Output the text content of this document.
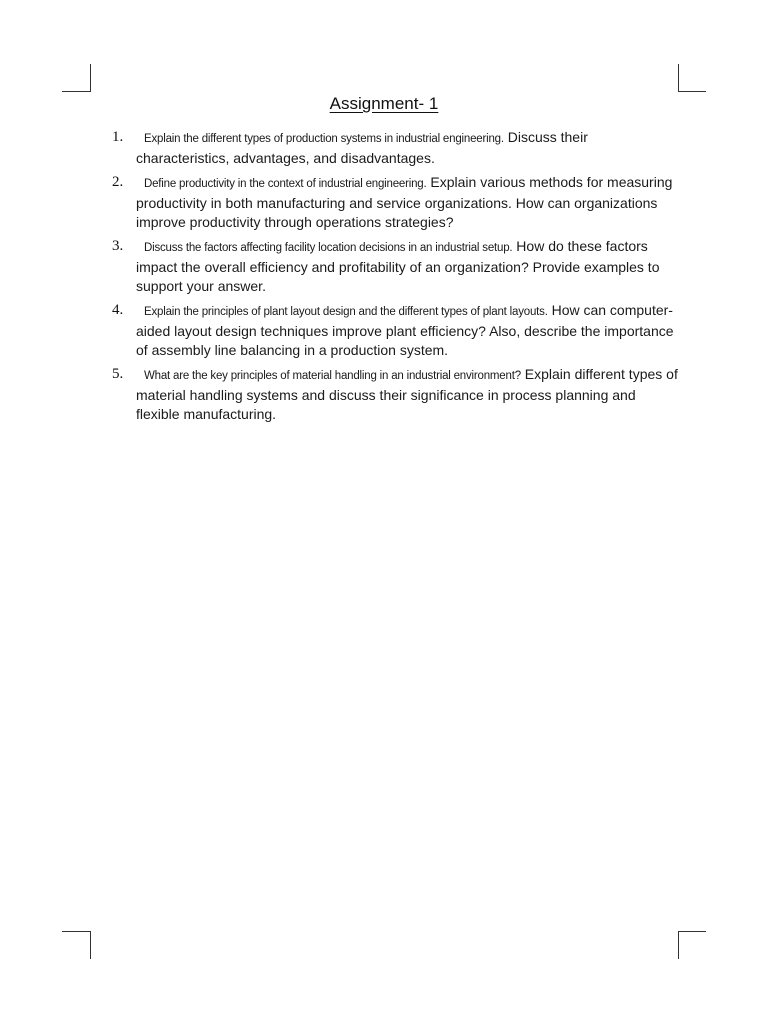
Assignment- 1
1.	Explain the different types of production systems in industrial engineering. Discuss their characteristics, advantages, and disadvantages.
2.	Define productivity in the context of industrial engineering. Explain various methods for measuring productivity in both manufacturing and service organizations. How can organizations improve productivity through operations strategies?
3.	Discuss the factors affecting facility location decisions in an industrial setup. How do these factors impact the overall efficiency and profitability of an organization? Provide examples to support your answer.
4.	Explain the principles of plant layout design and the different types of plant layouts. How can computer-aided layout design techniques improve plant efficiency? Also, describe the importance of assembly line balancing in a production system.
5.	What are the key principles of material handling in an industrial environment? Explain different types of material handling systems and discuss their significance in process planning and flexible manufacturing.
